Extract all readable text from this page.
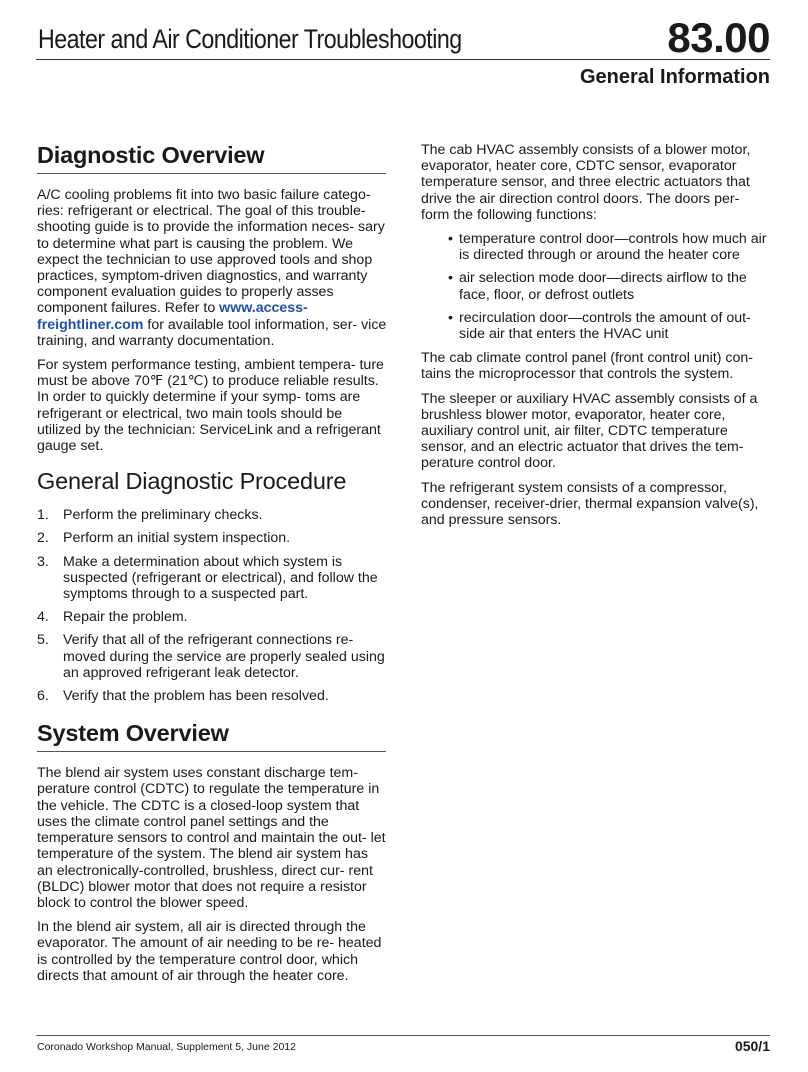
Heater and Air Conditioner Troubleshooting	83.00
General Information
Diagnostic Overview

A/C cooling problems fit into two basic failure catego- ries: refrigerant or electrical. The goal of this trouble- shooting guide is to provide the information neces- sary to determine what part is causing the problem. We expect the technician to use approved tools and shop practices, symptom-driven diagnostics, and warranty component evaluation guides to properly asses component failures. Refer to www.access- freightliner.com for available tool information, ser- vice training, and warranty documentation.

For system performance testing, ambient tempera- ture must be above 70℉ (21℃) to produce reliable results. In order to quickly determine if your symp- toms are refrigerant or electrical, two main tools should be utilized by the technician: ServiceLink and a refrigerant gauge set.

General Diagnostic Procedure
1. Perform the preliminary checks.
2. Perform an initial system inspection.
3. Make a determination about which system is suspected (refrigerant or electrical), and follow the symptoms through to a suspected part.
4. Repair the problem.
5. Verify that all of the refrigerant connections re- moved during the service are properly sealed using an approved refrigerant leak detector.
6. Verify that the problem has been resolved.
System Overview

The blend air system uses constant discharge tem- perature control (CDTC) to regulate the temperature in the vehicle. The CDTC is a closed-loop system that uses the climate control panel settings and the temperature sensors to control and maintain the out- let temperature of the system. The blend air system has an electronically-controlled, brushless, direct cur- rent (BLDC) blower motor that does not require a resistor block to control the blower speed.

In the blend air system, all air is directed through the evaporator. The amount of air needing to be re- heated is controlled by the temperature control door, which directs that amount of air through the heater core.

The cab HVAC assembly consists of a blower motor, evaporator, heater core, CDTC sensor, evaporator temperature sensor, and three electric actuators that drive the air direction control doors. The doors per- form the following functions:

• temperature control door—controls how much air is directed through or around the heater core
• air selection mode door—directs airflow to the face, floor, or defrost outlets
• recirculation door—controls the amount of out- side air that enters the HVAC unit

The cab climate control panel (front control unit) con- tains the microprocessor that controls the system.

The sleeper or auxiliary HVAC assembly consists of a brushless blower motor, evaporator, heater core, auxiliary control unit, air filter, CDTC temperature sensor, and an electric actuator that drives the tem- perature control door.

The refrigerant system consists of a compressor, condenser, receiver-drier, thermal expansion valve(s), and pressure sensors.

Coronado Workshop Manual, Supplement 5, June 2012	050/1
